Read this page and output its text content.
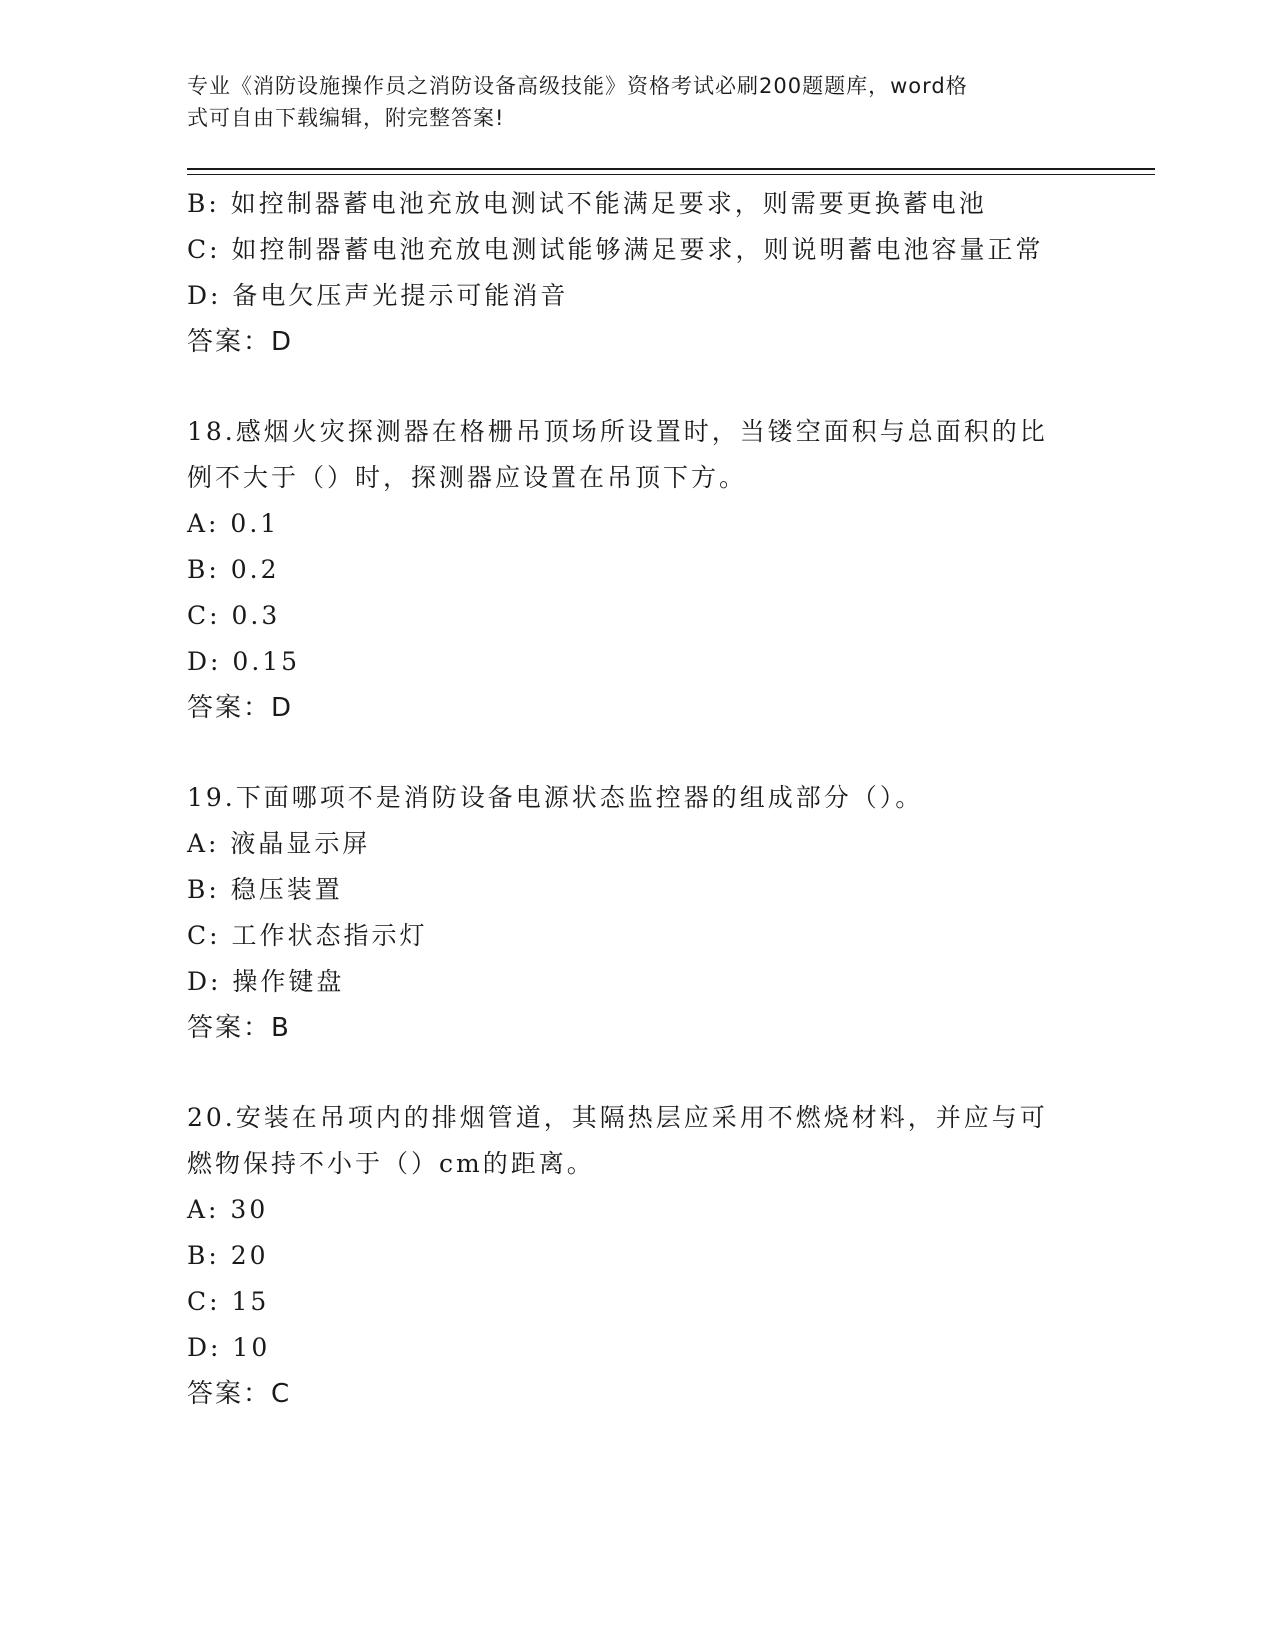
专业《消防设施操作员之消防设备高级技能》资格考试必刷200题题库，word格

式可自由下载编辑，附完整答案!

B: 如控制器蓄电池充放电测试不能满足要求，则需要更换蓄电池

C: 如控制器蓄电池充放电测试能够满足要求，则说明蓄电池容量正常

D: 备电欠压声光提示可能消音

答案：D

18.感烟火灾探测器在格栅吊顶场所设置时，当镂空面积与总面积的比

例不大于（）时，探测器应设置在吊顶下方。

A: 0.1

B: 0.2

C: 0.3

D: 0.15

答案：D

19.下面哪项不是消防设备电源状态监控器的组成部分（）。

A: 液晶显示屏

B: 稳压装置

C: 工作状态指示灯

D: 操作键盘

答案：B

20.安装在吊项内的排烟管道，其隔热层应采用不燃烧材料，并应与可

燃物保持不小于（）cm的距离。

A: 30

B: 20

C: 15

D: 10

答案：C
